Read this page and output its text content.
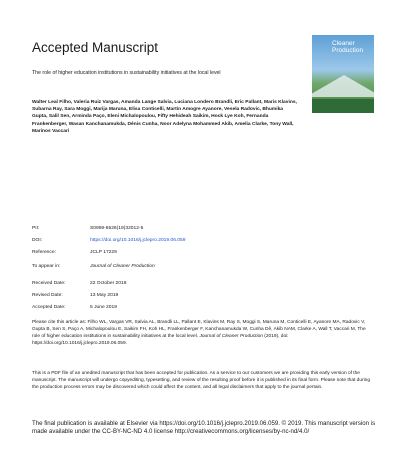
Accepted Manuscript	Cleaner Production

The role of higher education institutions in sustainability initiatives at the local level

Walter Leal Filho, Valeria Ruiz Vargas, Amanda Lange Salvia, Luciana Londero Brandli, Eric Pallant, Maris Klavins, Subarna Ray, Sara Moggi, Marija Maruna, Elisa Conticelli, Martin Amogre Ayanore, Vesela Radovic, Bhumika Gupta, Salil Sen, Arminda Paço, Eleni Michalopoulou, Fifty Hehideah Saikim, Hock Lye Koh, Fernanda Frankenberger, Wasan Kanchanamukda, Dênis Cunha, Noor Adelyna Mohammed Akib, Amelia Clarke, Tony Wall, Marinos Vaccari

PII:	S0959-6526(19)32012-5
DOI:	https://doi.org/10.1016/j.jclepro.2019.06.059
Reference:	JCLP 17229
To appear in:	Journal of Cleaner Production
Received Date:	22 October 2018
Revised Date:	13 May 2019
Accepted Date:	5 June 2019

Please cite this article as: Filho WL, Vargas VR, Salvia AL, Brandli LL, Pallant E, Klavins M, Ray S, Moggi S, Maruna M, Conticelli E, Ayanore MA, Radovic V, Gupta B, Sen S, Paço A, Michalopoulou E, Saikim FH, Koh HL, Frankenberger F, Kanchanamukda W, Cunha Dê, Akib NAM, Clarke A, Wall T, Vaccari M, The role of higher education institutions in sustainability initiatives at the local level, Journal of Cleaner Production (2019), doi: https://doi.org/10.1016/j.jclepro.2019.06.059.

This is a PDF file of an unedited manuscript that has been accepted for publication. As a service to our customers we are providing this early version of the manuscript. The manuscript will undergo copyediting, typesetting, and review of the resulting proof before it is published in its final form. Please note that during the production process errors may be discovered which could affect the content, and all legal disclaimers that apply to the journal pertain.

The final publication is available at Elsevier via https://doi.org/10.1016/j.jclepro.2019.06.059. © 2019. This manuscript version is made available under the CC-BY-NC-ND 4.0 license http://creativecommons.org/licenses/by-nc-nd/4.0/
